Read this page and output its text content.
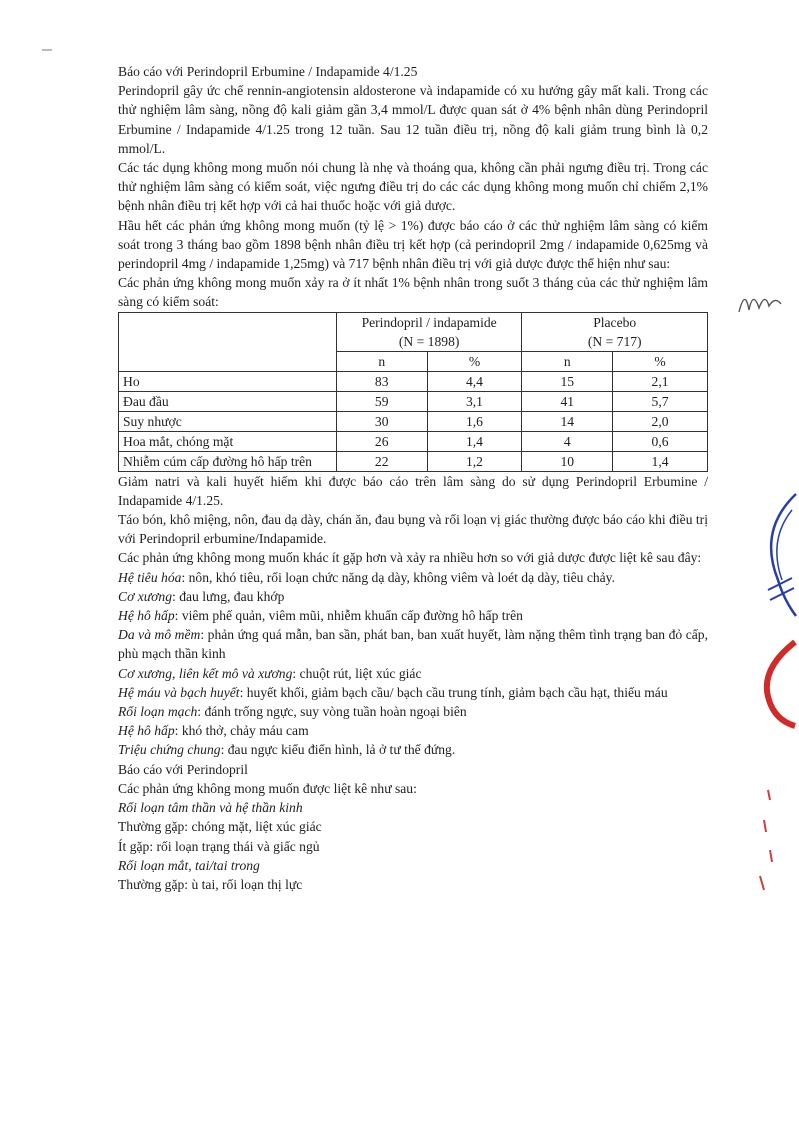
Báo cáo với Perindopril Erbumine / Indapamide 4/1.25

Perindopril gây ức chế rennin-angiotensin aldosterone và indapamide có xu hướng gây mất kali. Trong các thử nghiệm lâm sàng, nồng độ kali giảm gần 3,4 mmol/L được quan sát ở 4% bệnh nhân dùng Perindopril Erbumine / Indapamide 4/1.25 trong 12 tuần. Sau 12 tuần điều trị, nồng độ kali giảm trung bình là 0,2 mmol/L.

Các tác dụng không mong muốn nói chung là nhẹ và thoáng qua, không cần phải ngưng điều trị. Trong các thử nghiệm lâm sàng có kiểm soát, việc ngưng điều trị do các các dụng không mong muốn chỉ chiếm 2,1% bệnh nhân điều trị kết hợp với cả hai thuốc hoặc với giả dược.

Hầu hết các phản ứng không mong muốn (tỷ lệ > 1%) được báo cáo ở các thử nghiệm lâm sàng có kiểm soát trong 3 tháng bao gồm 1898 bệnh nhân điều trị kết hợp (cả perindopril 2mg / indapamide 0,625mg và perindopril 4mg / indapamide 1,25mg) và 717 bệnh nhân điều trị với giả dược được thể hiện như sau:

Các phản ứng không mong muốn xảy ra ở ít nhất 1% bệnh nhân trong suốt 3 tháng của các thử nghiệm lâm sàng có kiểm soát:

	Perindopril / indapamide
(N = 1898)		Placebo
(N = 717)	
	n	%	n	%
Ho	83	4,4	15	2,1
Đau đầu	59	3,1	41	5,7
Suy nhược	30	1,6	14	2,0
Hoa mắt, chóng mặt	26	1,4	4	0,6
Nhiễm cúm cấp đường hô hấp trên	22	1,2	10	1,4

Giảm natri và kali huyết hiếm khi được báo cáo trên lâm sàng do sử dụng Perindopril Erbumine / Indapamide 4/1.25.

Táo bón, khô miệng, nôn, đau dạ dày, chán ăn, đau bụng và rối loạn vị giác thường được báo cáo khi điều trị với Perindopril erbumine/Indapamide.

Các phản ứng không mong muốn khác ít gặp hơn và xảy ra nhiều hơn so với giả dược được liệt kê sau đây:

Hệ tiêu hóa: nôn, khó tiêu, rối loạn chức năng dạ dày, không viêm và loét dạ dày, tiêu chảy.

Cơ xương: đau lưng, đau khớp

Hệ hô hấp: viêm phế quản, viêm mũi, nhiễm khuẩn cấp đường hô hấp trên

Da và mô mềm: phản ứng quá mẫn, ban sần, phát ban, ban xuất huyết, làm nặng thêm tình trạng ban đỏ cấp, phù mạch thần kinh

Cơ xương, liên kết mô và xương: chuột rút, liệt xúc giác

Hệ máu và bạch huyết: huyết khối, giảm bạch cầu/ bạch cầu trung tính, giảm bạch cầu hạt, thiếu máu

Rối loạn mạch: đánh trống ngực, suy vòng tuần hoàn ngoại biên

Hệ hô hấp: khó thở, chảy máu cam

Triệu chứng chung: đau ngực kiểu điển hình, lả ở tư thế đứng.

Báo cáo với Perindopril

Các phản ứng không mong muốn được liệt kê như sau:

Rối loạn tâm thần và hệ thần kinh

Thường gặp: chóng mặt, liệt xúc giác

Ít gặp: rối loạn trạng thái và giấc ngủ

Rối loạn mắt, tai/tai trong

Thường gặp: ù tai, rối loạn thị lực
